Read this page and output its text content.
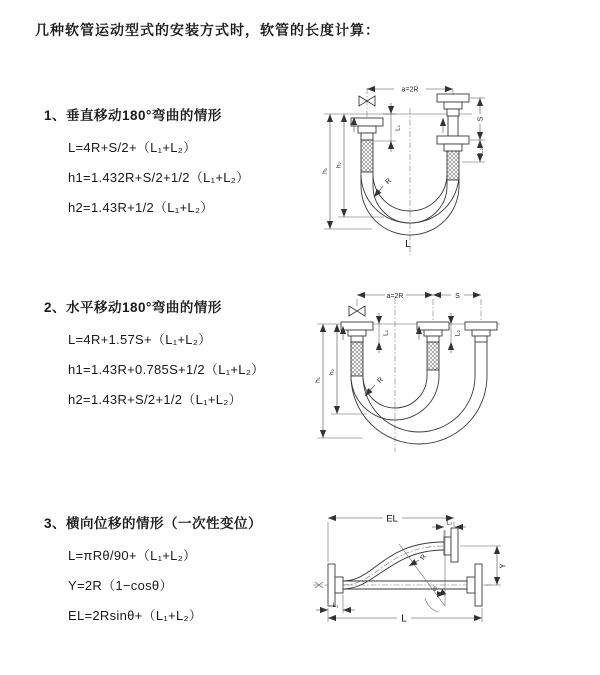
几种软管运动型式的安装方式时，软管的长度计算：
1、垂直移动180°弯曲的情形
L=4R+S/2+（L₁+L₂）
h1=1.432R+S/2+1/2（L₁+L₂）
h2=1.43R+1/2（L₁+L₂）
2、水平移动180°弯曲的情形
L=4R+1.57S+（L₁+L₂）
h1=1.43R+0.785S+1/2（L₁+L₂）
h2=1.43R+S/2+1/2（L₁+L₂）
3、横向位移的情形（一次性变位）
L=πRθ/90+（L₁+L₂）
Y=2R（1−cosθ）
EL=2Rsinθ+（L₁+L₂）
a=2R
S
L₂
L₁
h₁
h₂
R
L
a=2R	S
L₁	L₂
h₁
h₂
R
EL	L₂
Y
θ
R
L₁
L
